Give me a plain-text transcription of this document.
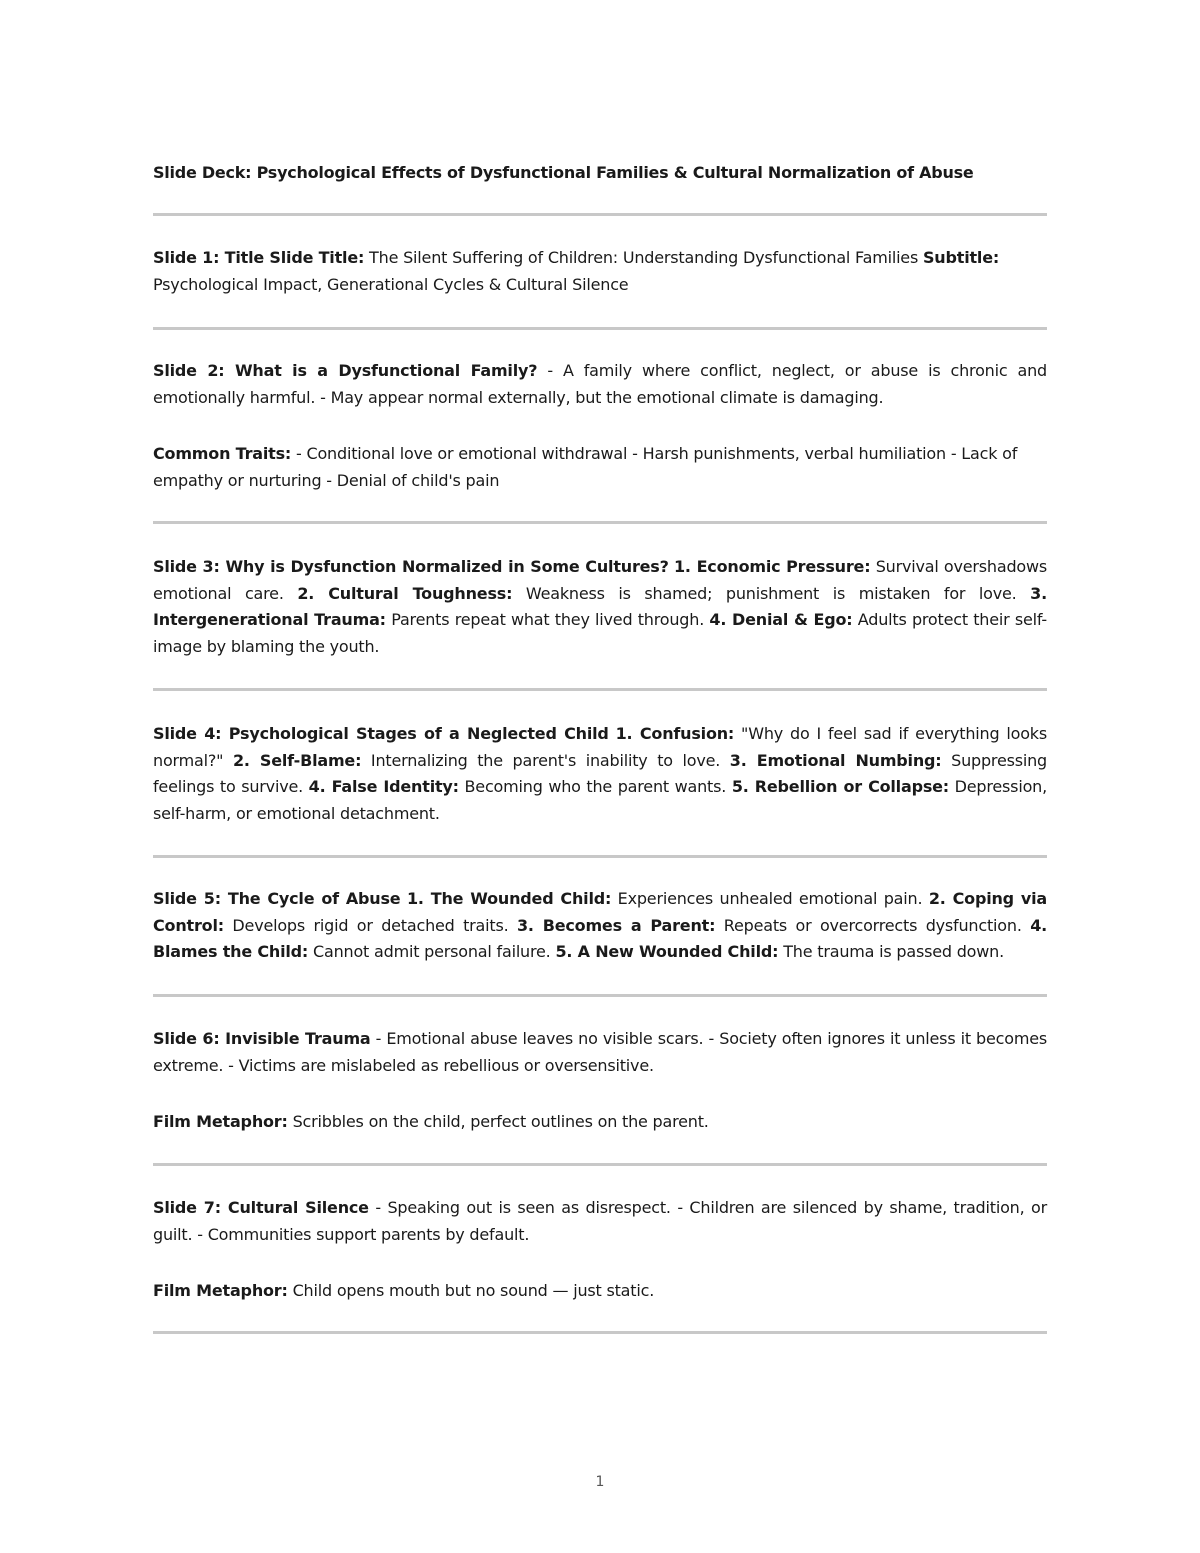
Slide Deck: Psychological Effects of Dysfunctional Families & Cultural Normalization of Abuse

Slide 1: Title Slide Title: The Silent Suffering of Children: Understanding Dysfunctional Families Subtitle: Psychological Impact, Generational Cycles & Cultural Silence

Slide 2: What is a Dysfunctional Family? - A family where conflict, neglect, or abuse is chronic and emotionally harmful. - May appear normal externally, but the emotional climate is damaging.

Common Traits: - Conditional love or emotional withdrawal - Harsh punishments, verbal humiliation - Lack of empathy or nurturing - Denial of child's pain

Slide 3: Why is Dysfunction Normalized in Some Cultures? 1. Economic Pressure: Survival overshadows emotional care. 2. Cultural Toughness: Weakness is shamed; punishment is mistaken for love. 3. Intergenerational Trauma: Parents repeat what they lived through. 4. Denial & Ego: Adults protect their self-image by blaming the youth.

Slide 4: Psychological Stages of a Neglected Child 1. Confusion: "Why do I feel sad if everything looks normal?" 2. Self-Blame: Internalizing the parent's inability to love. 3. Emotional Numbing: Suppressing feelings to survive. 4. False Identity: Becoming who the parent wants. 5. Rebellion or Collapse: Depression, self-harm, or emotional detachment.

Slide 5: The Cycle of Abuse 1. The Wounded Child: Experiences unhealed emotional pain. 2. Coping via Control: Develops rigid or detached traits. 3. Becomes a Parent: Repeats or overcorrects dysfunction. 4. Blames the Child: Cannot admit personal failure. 5. A New Wounded Child: The trauma is passed down.

Slide 6: Invisible Trauma - Emotional abuse leaves no visible scars. - Society often ignores it unless it becomes extreme. - Victims are mislabeled as rebellious or oversensitive.

Film Metaphor: Scribbles on the child, perfect outlines on the parent.

Slide 7: Cultural Silence - Speaking out is seen as disrespect. - Children are silenced by shame, tradition, or guilt. - Communities support parents by default.

Film Metaphor: Child opens mouth but no sound — just static.

1
